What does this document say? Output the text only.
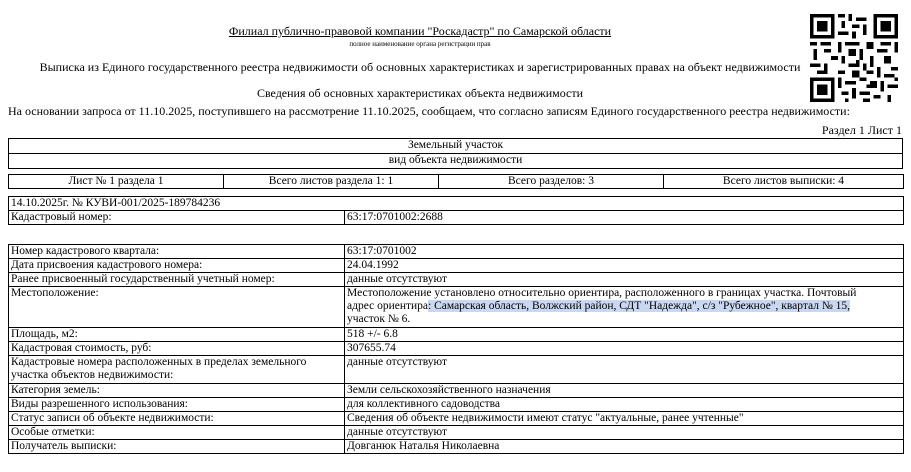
Филиал публично-правовой компании "Роскадастр" по Самарской области
полное наименование органа регистрации прав
Выписка из Единого государственного реестра недвижимости об основных характеристиках и зарегистрированных правах на объект недвижимости
Сведения об основных характеристиках объекта недвижимости
На основании запроса от 11.10.2025, поступившего на рассмотрение 11.10.2025, сообщаем, что согласно записям Единого государственного реестра недвижимости:
Раздел 1 Лист 1
Земельный участок
вид объекта недвижимости
Лист № 1 раздела 1	Всего листов раздела 1: 1	Всего разделов: 3	Всего листов выписки: 4
14.10.2025г. № КУВИ-001/2025-189784236
Кадастровый номер:	63:17:0701002:2688
Номер кадастрового квартала:	63:17:0701002
Дата присвоения кадастрового номера:	24.04.1992
Ранее присвоенный государственный учетный номер:	данные отсутствуют
Местоположение:	Местоположение установлено относительно ориентира, расположенного в границах участка. Почтовый
адрес ориентира: Самарская область, Волжский район, СДТ "Надежда", с/з "Рубежное", квартал № 15,
участок № 6.

Площадь, м2:	518 +/- 6.8
Кадастровая стоимость, руб:	307655.74

Кадастровые номера расположенных в пределах земельного
участка объектов недвижимости:	данные отсутствуют
Категория земель:	Земли сельскохозяйственного назначения
Виды разрешенного использования:	для коллективного садоводства
Статус записи об объекте недвижимости:	Сведения об объекте недвижимости имеют статус "актуальные, ранее учтенные"
Особые отметки:	данные отсутствуют
Получатель выписки:	Довганюк Наталья Николаевна
